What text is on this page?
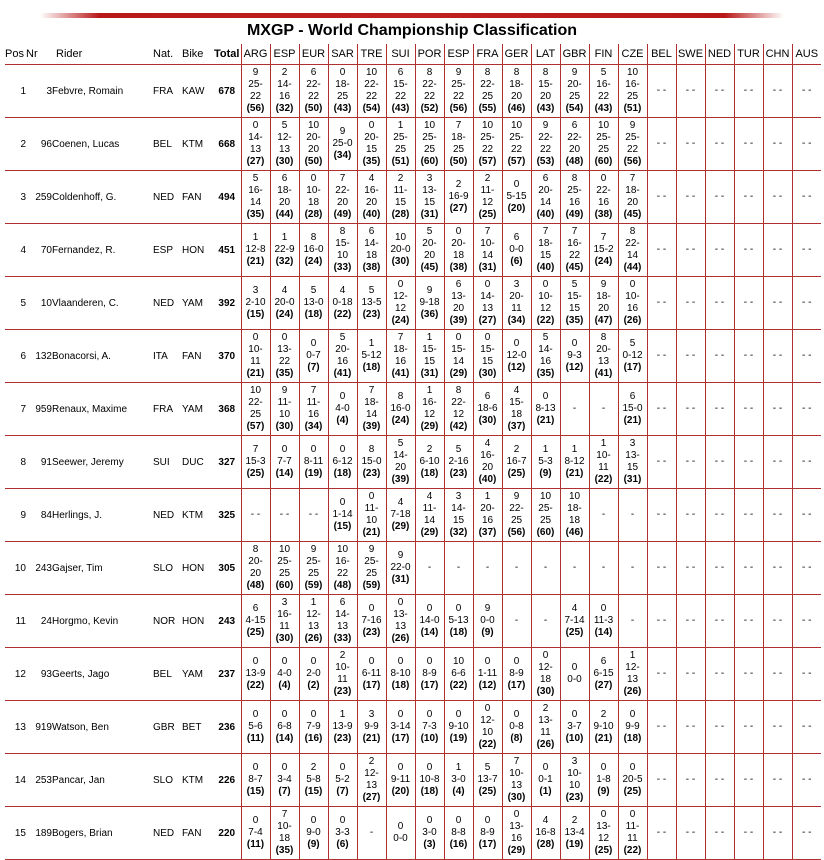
MXGP - World Championship Classification
Pos	Nr	Rider	Nat.	Bike	Total	ARG	ESP	EUR	SAR	TRE	SUI	POR	ESP	FRA	GER	LAT	GBR	FIN	CZE	BEL	SWE	NED	TUR	CHN	AUS
1	3	Febvre, Romain	FRA	KAW	678	9
25-
22
(56)	2
14-
16
(32)	6
22-
22
(50)	0
18-
25
(43)	10
22-
22
(54)	6
15-
22
(43)	8
22-
22
(52)	9
25-
22
(56)	8
22-
25
(55)	8
18-
20
(46)	8
15-
20
(43)	9
20-
25
(54)	5
16-
22
(43)	10
16-
25
(51)	- -	- -	- -	- -	- -	- -

2	96	Coenen, Lucas	BEL	KTM	668	0
14-
13
(27)	5
12-
13
(30)	10
20-
20
(50)	9
25-0
(34)	0
20-
15
(35)	1
25-
25
(51)	10
25-
25
(60)	7
18-
25
(50)	10
25-
22
(57)	10
25-
22
(57)	9
22-
22
(53)	6
22-
20
(48)	10
25-
25
(60)	9
25-
22
(56)	- -	- -	- -	- -	- -	- -

3	259	Coldenhoff, G.	NED	FAN	494	5
16-
14
(35)	6
18-
20
(44)	0
10-
18
(28)	7
22-
20
(49)	4
16-
20
(40)	2
11-
15
(28)	3
13-
15
(31)	2
16-9
(27)	2
11-
12
(25)	0
5-15
(20)	6
20-
14
(40)	8
25-
16
(49)	0
22-
16
(38)	7
18-
20
(45)	- -	- -	- -	- -	- -	- -

4	70	Fernandez, R.	ESP	HON	451	1
12-8
(21)	1
22-9
(32)	8
16-0
(24)	8
15-
10
(33)	6
14-
18
(38)	10
20-0
(30)	5
20-
20
(45)	0
20-
18
(38)	7
10-
14
(31)	6
0-0
(6)	7
18-
15
(40)	7
16-
22
(45)	7
15-2
(24)	8
22-
14
(44)	- -	- -	- -	- -	- -	- -

5	10	Vlaanderen, C.	NED	YAM	392	3
2-10
(15)	4
20-0
(24)	5
13-0
(18)	4
0-18
(22)	5
13-5
(23)	0
12-
12
(24)	9
9-18
(36)	6
13-
20
(39)	0
14-
13
(27)	3
20-
11
(34)	0
10-
12
(22)	5
15-
15
(35)	9
18-
20
(47)	0
10-
16
(26)	- -	- -	- -	- -	- -	- -

6	132	Bonacorsi, A.	ITA	FAN	370	0
10-
11
(21)	0
13-
22
(35)	0
0-7
(7)	5
20-
16
(41)	1
5-12
(18)	7
18-
16
(41)	1
15-
15
(31)	0
15-
14
(29)	0
15-
15
(30)	0
12-0
(12)	5
14-
16
(35)	0
9-3
(12)	8
20-
13
(41)	5
0-12
(17)	- -	- -	- -	- -	- -	- -

7	959	Renaux, Maxime	FRA	YAM	368	10
22-
25
(57)	9
11-
10
(30)	7
11-
16
(34)	0
4-0
(4)	7
18-
14
(39)	8
16-0
(24)	1
16-
12
(29)	8
22-
12
(42)	6
18-6
(30)	4
15-
18
(37)	0
8-13
(21)	-	-	6
15-0
(21)	- -	- -	- -	- -	- -	- -

8	91	Seewer, Jeremy	SUI	DUC	327	7
15-3
(25)	0
7-7
(14)	0
8-11
(19)	0
6-12
(18)	8
15-0
(23)	5
14-
20
(39)	2
6-10
(18)	5
2-16
(23)	4
16-
20
(40)	2
16-7
(25)	1
5-3
(9)	1
8-12
(21)	1
10-
11
(22)	3
13-
15
(31)	- -	- -	- -	- -	- -	- -

9	84	Herlings, J.	NED	KTM	325	- -	- -	- -	0
1-14
(15)	0
11-
10
(21)	4
7-18
(29)	4
11-
14
(29)	3
14-
15
(32)	1
20-
16
(37)	9
22-
25
(56)	10
25-
25
(60)	10
18-
18
(46)	-	-	- -	- -	- -	- -	- -	- -

10	243	Gajser, Tim	SLO	HON	305	8
20-
20
(48)	10
25-
25
(60)	9
25-
25
(59)	10
16-
22
(48)	9
25-
25
(59)	9
22-0
(31)	-	-	-	-	-	-	-	-	- -	- -	- -	- -	- -	- -

11	24	Horgmo, Kevin	NOR	HON	243	6
4-15
(25)	3
16-
11
(30)	1
12-
13
(26)	6
14-
13
(33)	0
7-16
(23)	0
13-
13
(26)	0
14-0
(14)	0
5-13
(18)	9
0-0
(9)	-	-	4
7-14
(25)	0
11-3
(14)	-	- -	- -	- -	- -	- -	- -

12	93	Geerts, Jago	BEL	YAM	237	0
13-9
(22)	0
4-0
(4)	0
2-0
(2)	2
10-
11
(23)	0
6-11
(17)	0
8-10
(18)	0
8-9
(17)	10
6-6
(22)	0
1-11
(12)	0
8-9
(17)	0
12-
18
(30)	0
0-0	6
6-15
(27)	1
12-
13
(26)	- -	- -	- -	- -	- -	- -

13	919	Watson, Ben	GBR	BET	236	0
5-6
(11)	0
6-8
(14)	0
7-9
(16)	1
13-9
(23)	3
9-9
(21)	0
3-14
(17)	0
7-3
(10)	0
9-10
(19)	0
12-
10
(22)	0
0-8
(8)	2
13-
11
(26)	0
3-7
(10)	2
9-10
(21)	0
9-9
(18)	- -	- -	- -	- -	- -	- -

14	253	Pancar, Jan	SLO	KTM	226	0
8-7
(15)	0
3-4
(7)	2
5-8
(15)	0
5-2
(7)	2
12-
13
(27)	0
9-11
(20)	0
10-8
(18)	1
3-0
(4)	5
13-7
(25)	7
10-
13
(30)	0
0-1
(1)	3
10-
10
(23)	0
1-8
(9)	0
20-5
(25)	- -	- -	- -	- -	- -	- -

15	189	Bogers, Brian	NED	FAN	220	0
7-4
(11)	7
10-
18
(35)	0
9-0
(9)	0
3-3
(6)	-	0
0-0	0
3-0
(3)	0
8-8
(16)	0
8-9
(17)	0
13-
16
(29)	4
16-8
(28)	2
13-4
(19)	0
13-
12
(25)	0
11-
11
(22)	- -	- -	- -	- -	- -	- -
